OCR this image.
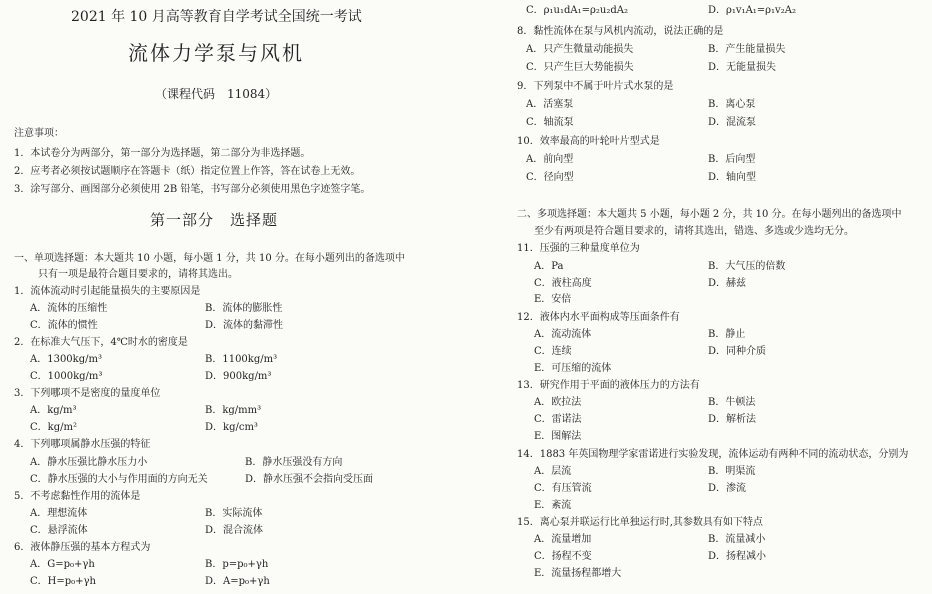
2021 年 10 月高等教育自学考试全国统一考试
流体力学泵与风机
（课程代码　11084）
注意事项：
1．本试卷分为两部分，第一部分为选择题，第二部分为非选择题。
2．应考者必须按试题顺序在答题卡（纸）指定位置上作答，答在试卷上无效。
3．涂写部分、画图部分必须使用 2B 铅笔，书写部分必须使用黑色字迹签字笔。
第一部分　选择题
一、单项选择题：本大题共 10 小题，每小题 1 分，共 10 分。在每小题列出的备选项中
只有一项是最符合题目要求的，请将其选出。
1．流体流动时引起能量损失的主要原因是
A．流体的压缩性	B．流体的膨胀性
C．流体的惯性	D．流体的黏滞性
2．在标准大气压下，4℃时水的密度是
A．1300kg/m³	B．1100kg/m³
C．1000kg/m³	D．900kg/m³
3．下列哪项不是密度的量度单位
A．kg/m³	B．kg/mm³
C．kg/m²	D．kg/cm³
4．下列哪项属静水压强的特征
A．静水压强比静水压力小	B．静水压强没有方向
C．静水压强的大小与作用面的方向无关	D．静水压强不会指向受压面
5．不考虑黏性作用的流体是
A．理想流体	B．实际流体
C．悬浮流体	D．混合流体
6．液体静压强的基本方程式为
A．G=p₀+γh	B．p=p₀+γh
C．H=p₀+γh	D．A=p₀+γh
C．ρ₁u₁dA₁=ρ₂u₂dA₂	D．ρ₁v₁A₁=ρ₁v₂A₂
8．黏性流体在泵与风机内流动，说法正确的是
A．只产生微量动能损失	B．产生能量损失
C．只产生巨大势能损失	D．无能量损失
9．下列泵中不属于叶片式水泵的是
A．活塞泵	B．离心泵
C．轴流泵	D．混流泵
10．效率最高的叶轮叶片型式是
A．前向型	B．后向型
C．径向型	D．轴向型
二、多项选择题：本大题共 5 小题，每小题 2 分，共 10 分。在每小题列出的备选项中
至少有两项是符合题目要求的，请将其选出，错选、多选或少选均无分。
11．压强的三种量度单位为
A．Pa	B．大气压的倍数
C．液柱高度	D．赫兹
E．安倍
12．液体内水平面构成等压面条件有
A．流动流体	B．静止
C．连续	D．同种介质
E．可压缩的流体
13．研究作用于平面的液体压力的方法有
A．欧拉法	B．牛顿法
C．雷诺法	D．解析法
E．图解法
14．1883 年英国物理学家雷诺进行实验发现，流体运动有两种不同的流动状态，分别为
A．层流	B．明渠流
C．有压管流	D．渗流
E．紊流
15．离心泵并联运行比单独运行时,其参数具有如下特点
A．流量增加	B．流量减小
C．扬程不变	D．扬程减小
E．流量扬程都增大
